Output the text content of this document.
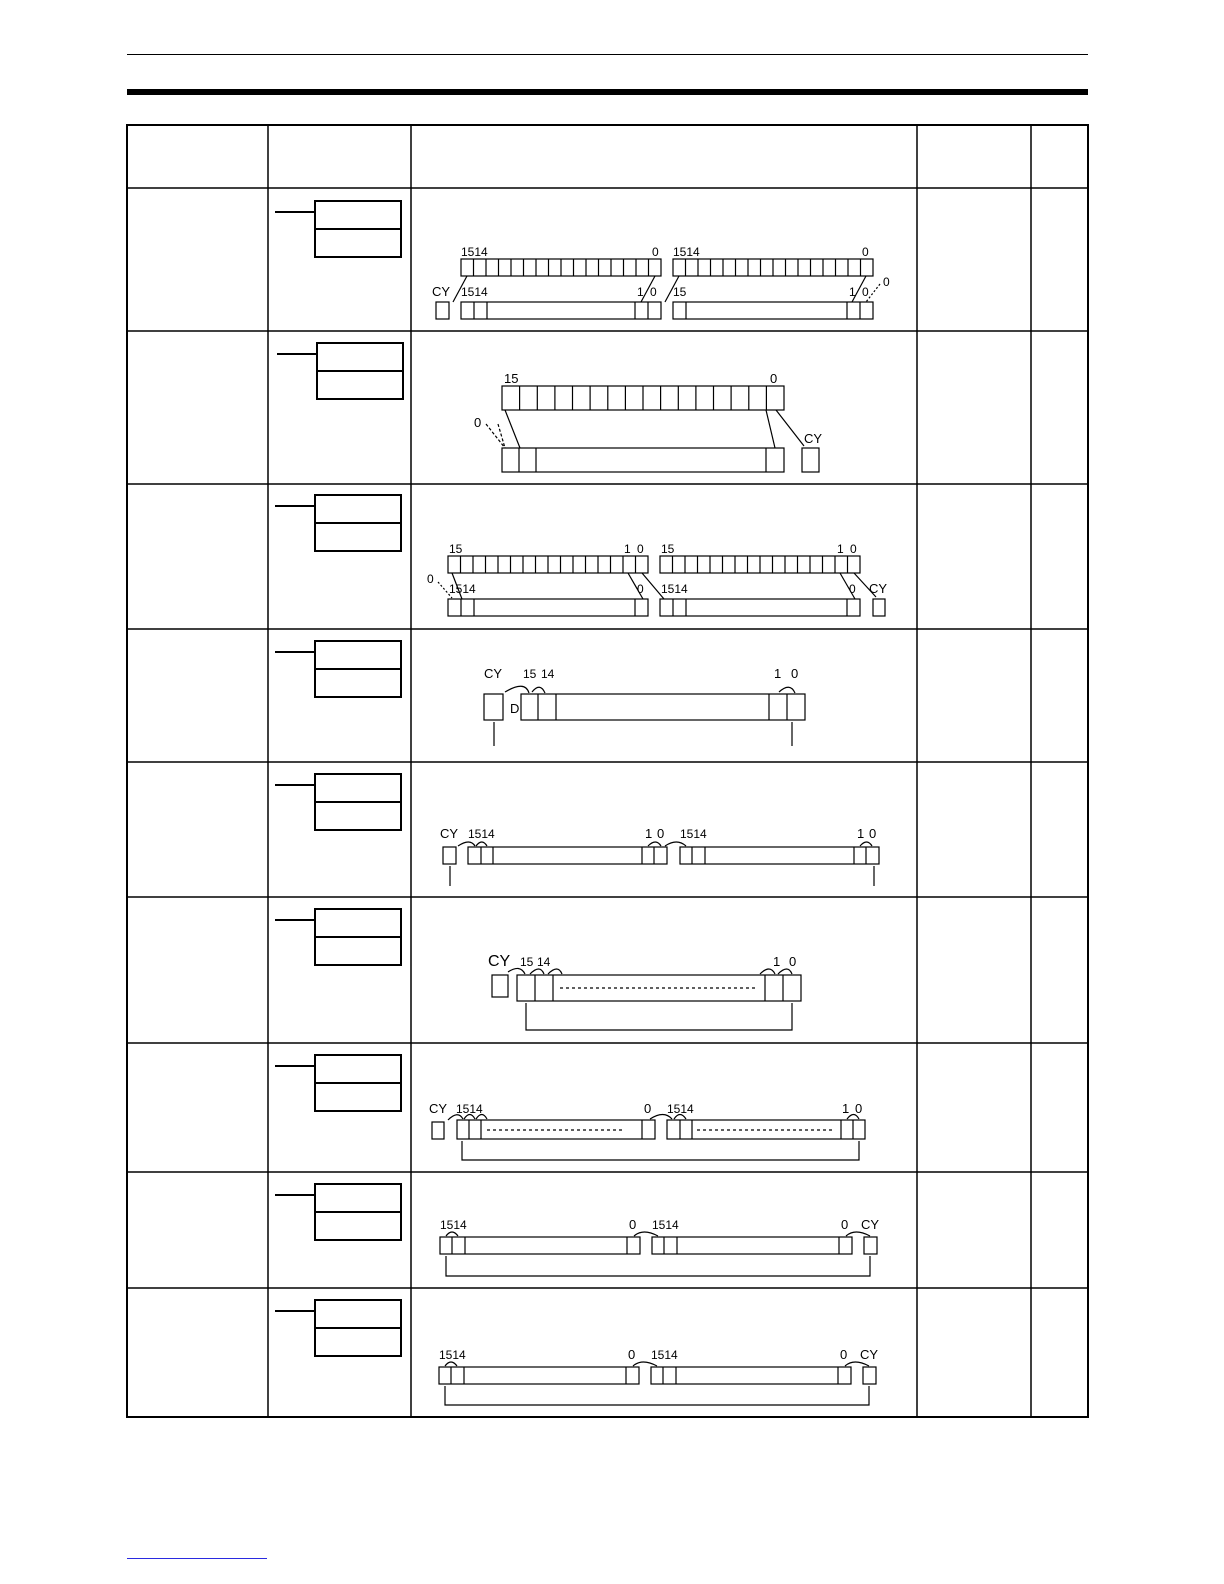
1514	0 1514	0
CY 1514	1 0 15	1 0
0
15	0
0
CY
15	1 0 15	1 0
0
1514	0 1514	0 CY
CY 15 14	1 0
D
CY 1514	1 0 1514	1 0
CY 15 14	1 0
CY 1514	0 1514	1 0
1514	0 1514	0 CY
1514	0 1514	0 CY
